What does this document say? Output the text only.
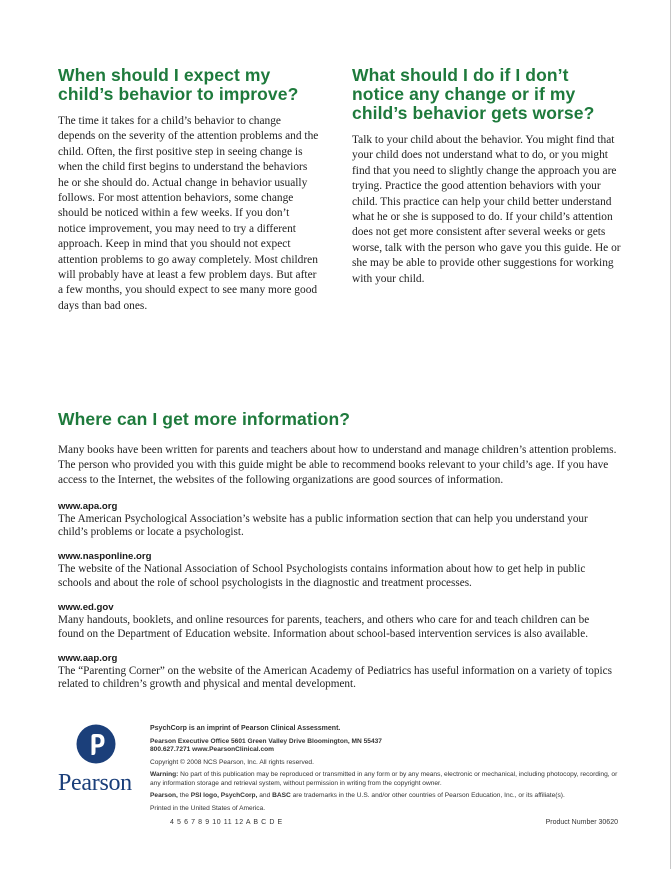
When should I expect my child’s behavior to improve?

The time it takes for a child’s behavior to change depends on the severity of the attention problems and the child. Often, the first positive step in seeing change is when the child first begins to understand the behaviors he or she should do. Actual change in behavior usually follows. For most attention behaviors, some change should be noticed within a few weeks. If you don’t notice improvement, you may need to try a different approach. Keep in mind that you should not expect attention problems to go away completely. Most children will probably have at least a few problem days. But after a few months, you should expect to see many more good days than bad ones.

What should I do if I don’t notice any change or if my child’s behavior gets worse?

Talk to your child about the behavior. You might find that your child does not understand what to do, or you might find that you need to slightly change the approach you are trying. Practice the good attention behaviors with your child. This practice can help your child better understand what he or she is supposed to do. If your child’s attention does not get more consistent after several weeks or gets worse, talk with the person who gave you this guide. He or she may be able to provide other suggestions for working with your child.

Where can I get more information?

Many books have been written for parents and teachers about how to understand and manage children’s attention problems. The person who provided you with this guide might be able to recommend books relevant to your child’s age. If you have access to the Internet, the websites of the following organizations are good sources of information.

www.apa.org
The American Psychological Association’s website has a public information section that can help you understand your child’s problems or locate a psychologist.
www.nasponline.org
The website of the National Association of School Psychologists contains information about how to get help in public schools and about the role of school psychologists in the diagnostic and treatment processes.
www.ed.gov
Many handouts, booklets, and online resources for parents, teachers, and others who care for and teach children can be found on the Department of Education website. Information about school-based intervention services is also available.
www.aap.org
The “Parenting Corner” on the website of the American Academy of Pediatrics has useful information on a variety of topics related to children’s growth and physical and mental development.
Pearson
PsychCorp is an imprint of Pearson Clinical Assessment.
Pearson Executive Office 5601 Green Valley Drive Bloomington, MN 55437
800.627.7271 www.PearsonClinical.com
Copyright © 2008 NCS Pearson, Inc. All rights reserved.
Warning: No part of this publication may be reproduced or transmitted in any form or by any means, electronic or mechanical, including photocopy, recording, or any information storage and retrieval system, without permission in writing from the copyright owner.
Pearson, the PSI logo, PsychCorp, and BASC are trademarks in the U.S. and/or other countries of Pearson Education, Inc., or its affiliate(s).
Printed in the United States of America.
4 5 6 7 8 9 10 11 12 A B C D E	Product Number 30620
